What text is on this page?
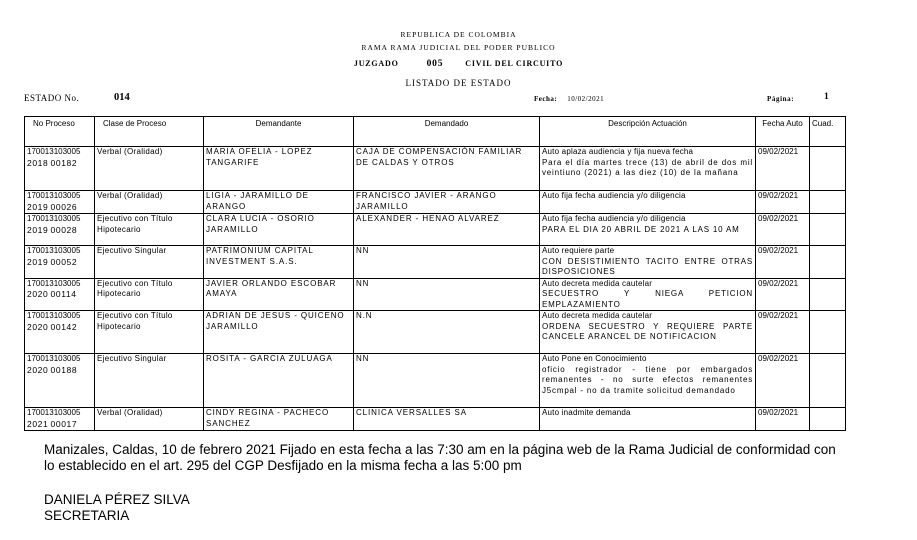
REPUBLICA DE COLOMBIA
RAMA RAMA JUDICIAL DEL PODER PUBLICO
JUZGADO	005	CIVIL DEL CIRCUITO
LISTADO DE ESTADO
ESTADO No.	014	Fecha: 10/02/2021	Página:	1
No Proceso	Clase de Proceso	Demandante	Demandado	Descripción Actuación	Fecha Auto	Cuad.
170013103005
2018 00182	Verbal (Oralidad)	MARIA OFELIA - LOPEZ TANGARIFE	CAJA DE COMPENSACIÓN FAMILIAR DE CALDAS Y OTROS	Auto aplaza audiencia y fija nueva fecha
Para el día martes trece (13) de abril de dos mil veintiuno (2021) a las diez (10) de la mañana	09/02/2021	
170013103005
2019 00026	Verbal (Oralidad)	LIGIA - JARAMILLO DE ARANGO	FRANCISCO JAVIER - ARANGO JARAMILLO	Auto fija fecha audiencia y/o diligencia	09/02/2021	
170013103005
2019 00028	Ejecutivo con Título Hipotecario	CLARA LUCIA - OSORIO JARAMILLO	ALEXANDER - HENAO ALVAREZ	Auto fija fecha audiencia y/o diligencia
PARA EL DIA 20 ABRIL DE 2021 A LAS 10 AM	09/02/2021	
170013103005
2019 00052	Ejecutivo Singular	PATRIMONIUM CAPITAL INVESTMENT S.A.S.	NN	Auto requiere parte
CON DESISTIMIENTO TACITO ENTRE OTRAS DISPOSICIONES	09/02/2021	
170013103005
2020 00114	Ejecutivo con Título Hipotecario	JAVIER ORLANDO ESCOBAR AMAYA	NN	Auto decreta medida cautelar
SECUESTRO Y NIEGA PETICION EMPLAZAMIENTO	09/02/2021	
170013103005
2020 00142	Ejecutivo con Título Hipotecario	ADRIAN DE JESUS - QUICENO JARAMILLO	N.N	Auto decreta medida cautelar
ORDENA SECUESTRO Y REQUIERE PARTE CANCELE ARANCEL DE NOTIFICACION	09/02/2021	
170013103005
2020 00188	Ejecutivo Singular	ROSITA - GARCIA ZULUAGA	NN	Auto Pone en Conocimiento
oficio registrador - tiene por embargados remanentes - no surte efectos remanentes J5cmpal - no da tramite solicitud demandado	09/02/2021	
170013103005
2021 00017	Verbal (Oralidad)	CINDY REGINA - PACHECO SANCHEZ	CLINICA VERSALLES SA	Auto inadmite demanda	09/02/2021	
Manizales, Caldas, 10 de febrero 2021 Fijado en esta fecha a las 7:30 am en la página web de la Rama Judicial de conformidad con lo establecido en el art. 295 del CGP Desfijado en la misma fecha a las 5:00 pm
DANIELA PÉREZ SILVA
SECRETARIA
